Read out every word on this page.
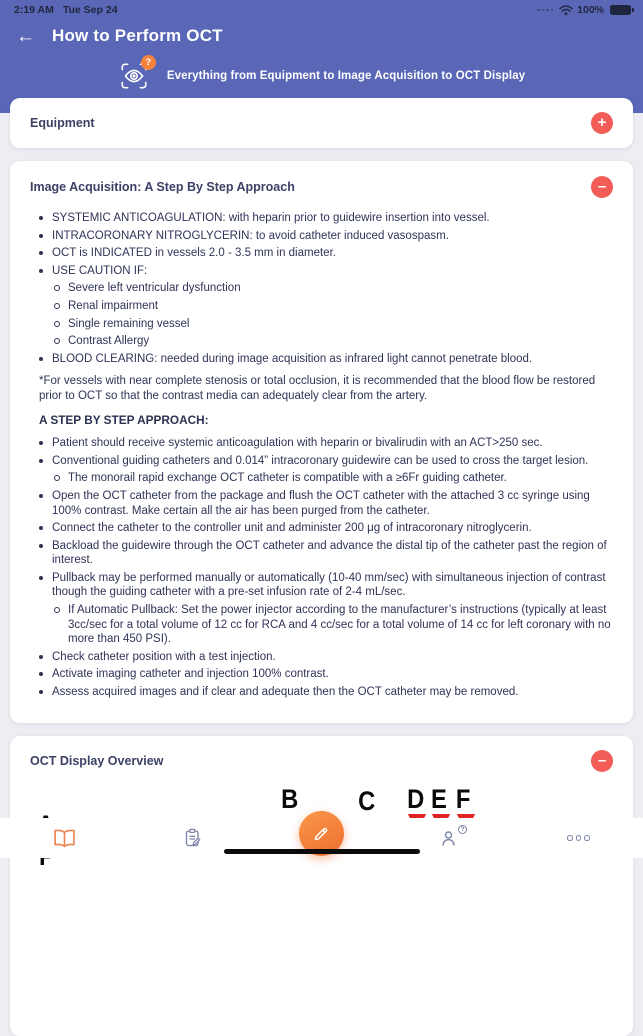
2:19 AM Tue Sep 24	100%
← How to Perform OCT
?
Everything from Equipment to Image Acquisition to OCT Display
Equipment	+
Image Acquisition: A Step By Step Approach	–
SYSTEMIC ANTICOAGULATION: with heparin prior to guidewire insertion into vessel.
INTRACORONARY NITROGLYCERIN: to avoid catheter induced vasospasm.
OCT is INDICATED in vessels 2.0 - 3.5 mm in diameter.
USE CAUTION IF:
Severe left ventricular dysfunction
Renal impairment
Single remaining vessel
Contrast Allergy
BLOOD CLEARING: needed during image acquisition as infrared light cannot penetrate blood.
*For vessels with near complete stenosis or total occlusion, it is recommended that the blood flow be restored prior to OCT so that the contrast media can adequately clear from the artery.
A STEP BY STEP APPROACH:
Patient should receive systemic anticoagulation with heparin or bivalirudin with an ACT>250 sec.
Conventional guiding catheters and 0.014” intracoronary guidewire can be used to cross the target lesion.
The monorail rapid exchange OCT catheter is compatible with a ≥6Fr guiding catheter.
Open the OCT catheter from the package and flush the OCT catheter with the attached 3 cc syringe using 100% contrast. Make certain all the air has been purged from the catheter.
Connect the catheter to the controller unit and administer 200 μg of intracoronary nitroglycerin.
Backload the guidewire through the OCT catheter and advance the distal tip of the catheter past the region of interest.
Pullback may be performed manually or automatically (10-40 mm/sec) with simultaneous injection of contrast though the guiding catheter with a pre-set infusion rate of 2-4 mL/sec.
If Automatic Pullback: Set the power injector according to the manufacturer’s instructions (typically at least 3cc/sec for a total volume of 12 cc for RCA and 4 cc/sec for a total volume of 14 cc for left coronary with no more than 450 PSI).
Check catheter position with a test injection.
Activate imaging catheter and injection 100% contrast.
Assess acquired images and if clear and adequate then the OCT catheter may be removed.
OCT Display Overview	–
B C D E F
?
